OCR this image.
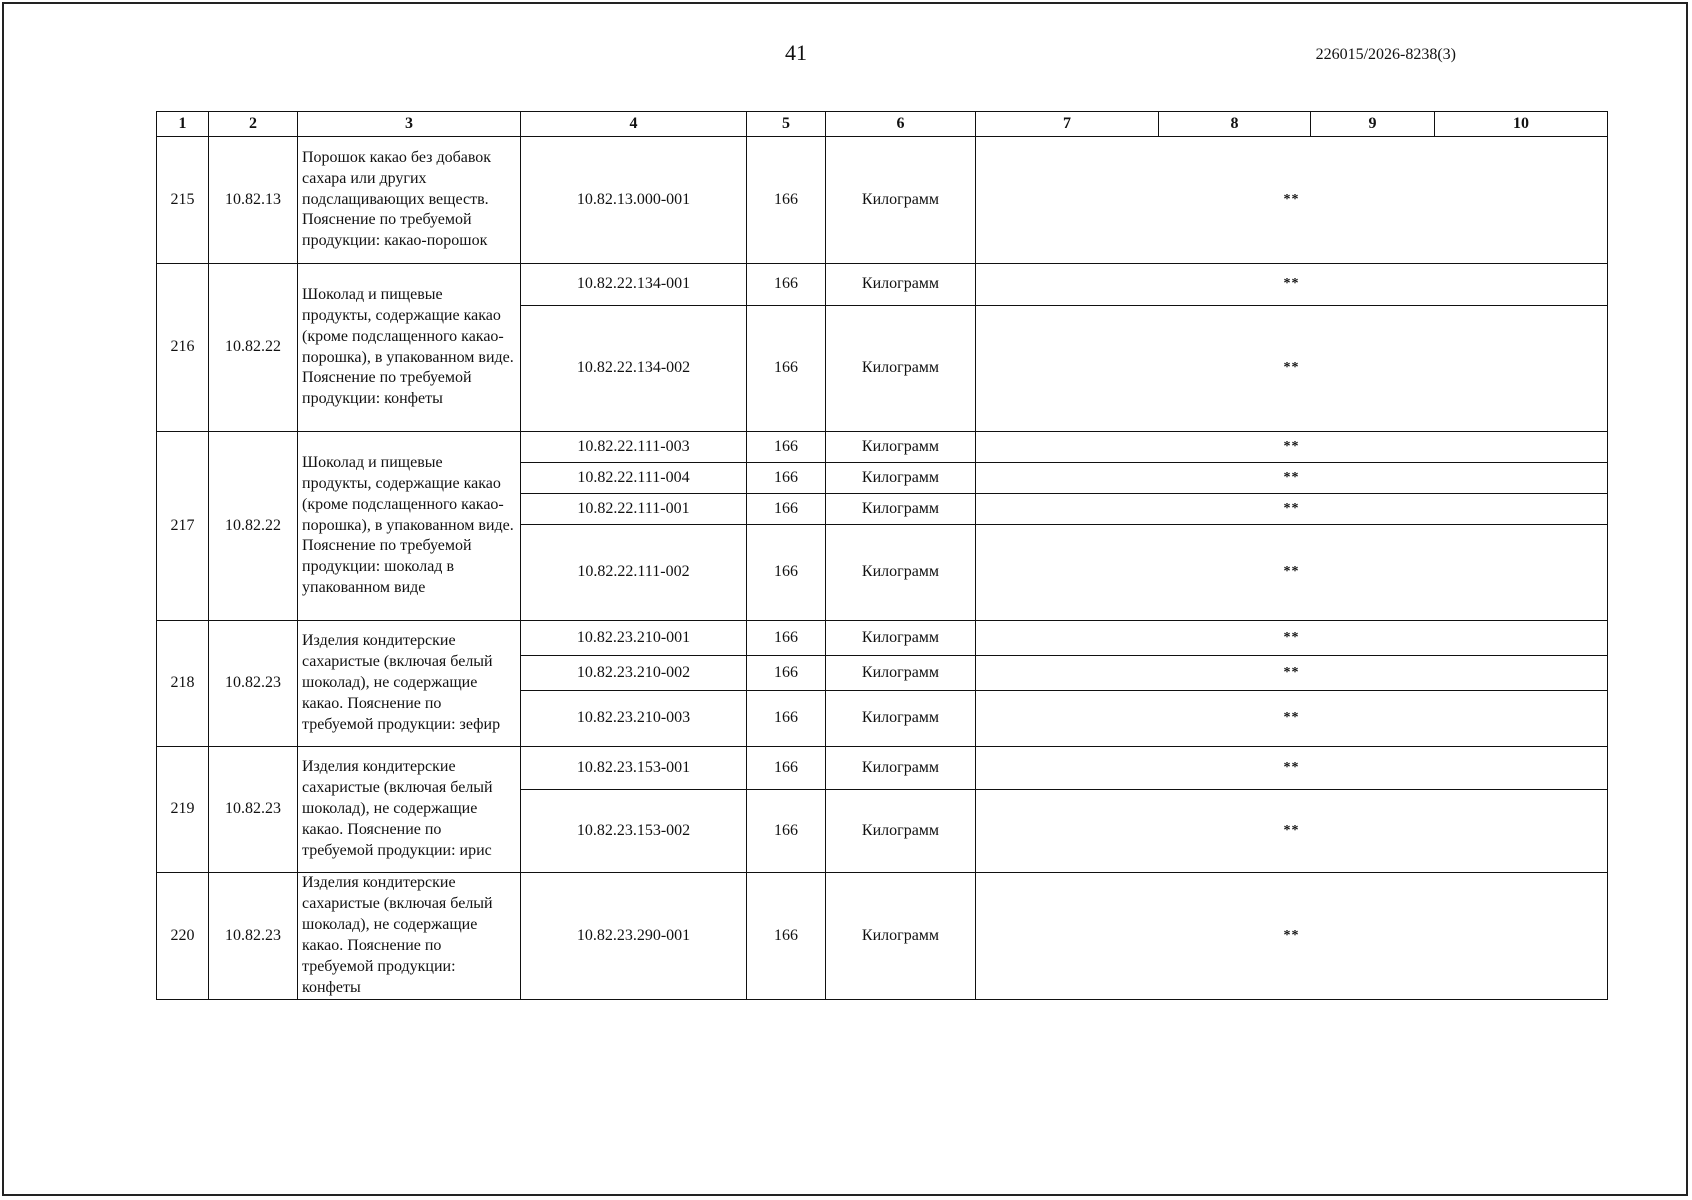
41	226015/2026-8238(3)
1	2	3	4	5	6	7	8	9	10
215	10.82.13	Порошок какао без добавок сахара или других подслащивающих веществ. Пояснение по требуемой продукции: какао-порошок	10.82.13.000-001	166	Килограмм	**			
216	10.82.22	Шоколад и пищевые продукты, содержащие какао (кроме подслащенного какао-порошка), в упакованном виде. Пояснение по требуемой продукции: конфеты	10.82.22.134-001	166	Килограмм	**			
			10.82.22.134-002	166	Килограмм	**			
217	10.82.22	Шоколад и пищевые продукты, содержащие какао (кроме подслащенного какао-порошка), в упакованном виде. Пояснение по требуемой продукции: шоколад в упакованном виде	10.82.22.111-003	166	Килограмм	**			
			10.82.22.111-004	166	Килограмм	**			
			10.82.22.111-001	166	Килограмм	**			
			10.82.22.111-002	166	Килограмм	**			
218	10.82.23	Изделия кондитерские сахаристые (включая белый шоколад), не содержащие какао. Пояснение по требуемой продукции: зефир	10.82.23.210-001	166	Килограмм	**			
			10.82.23.210-002	166	Килограмм	**			
			10.82.23.210-003	166	Килограмм	**			
219	10.82.23	Изделия кондитерские сахаристые (включая белый шоколад), не содержащие какао. Пояснение по требуемой продукции: ирис	10.82.23.153-001	166	Килограмм	**			
			10.82.23.153-002	166	Килограмм	**			
220	10.82.23	Изделия кондитерские сахаристые (включая белый шоколад), не содержащие какао. Пояснение по требуемой продукции: конфеты	10.82.23.290-001	166	Килограмм	**			
